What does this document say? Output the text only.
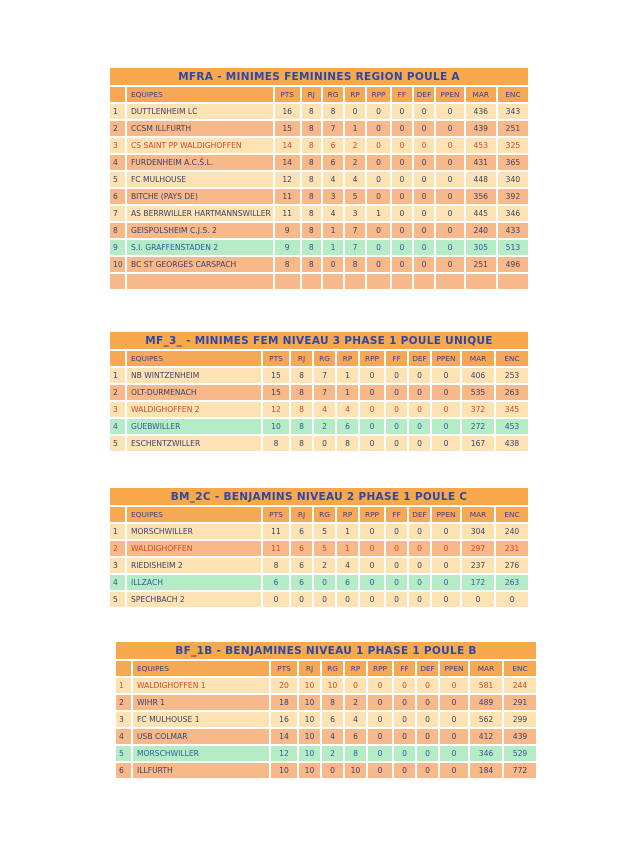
MFRA - MINIMES FEMININES REGION POULE A											
	EQUIPES	PTS	RJ	RG	RP	RPP	FF	DEF	PPEN	MAR	ENC
1	DUTTLENHEIM LC	16	8	8	0	0	0	0	0	436	343
2	CCSM ILLFURTH	15	8	7	1	0	0	0	0	439	251
3	CS SAINT PP WALDIGHOFFEN	14	8	6	2	0	0	0	0	453	325
4	FURDENHEIM A.C.Š.L.	14	8	6	2	0	0	0	0	431	365
5	FC MULHOUSE	12	8	4	4	0	0	0	0	448	340
6	BITCHE (PAYS DE)	11	8	3	5	0	0	0	0	356	392
7	AS BERRWILLER HARTMANNSWILLER	11	8	4	3	1	0	0	0	445	346
8	GEISPOLSHEIM C.J.S. 2	9	8	1	7	0	0	0	0	240	433
9	S.I. GRAFFENSTADEN 2	9	8	1	7	0	0	0	0	305	513
10	BC ST GEORGES CARSPACH	8	8	0	8	0	0	0	0	251	496

MF_3_ - MINIMES FEM NIVEAU 3 PHASE 1 POULE UNIQUE											
	EQUIPES	PTS	RJ	RG	RP	RPP	FF	DEF	PPEN	MAR	ENC
1	NB WINTZENHEIM	15	8	7	1	0	0	0	0	406	253
2	OLT-DURMENACH	15	8	7	1	0	0	0	0	535	263
3	WALDIGHOFFEN 2	12	8	4	4	0	0	0	0	372	345
4	GUEBWILLER	10	8	2	6	0	0	0	0	272	453
5	ESCHENTZWILLER	8	8	0	8	0	0	0	0	167	438
BM_2C - BENJAMINS NIVEAU 2 PHASE 1 POULE C											
	EQUIPES	PTS	RJ	RG	RP	RPP	FF	DEF	PPEN	MAR	ENC
1	MORSCHWILLER	11	6	5	1	0	0	0	0	304	240
2	WALDIGHOFFEN	11	6	5	1	0	0	0	0	297	231
3	RIEDISHEIM 2	8	6	2	4	0	0	0	0	237	276
4	ILLZACH	6	6	0	6	0	0	0	0	172	263
5	SPECHBACH 2	0	0	0	0	0	0	0	0	0	0
BF_1B - BENJAMINES NIVEAU 1 PHASE 1 POULE B											
	EQUIPES	PTS	RJ	RG	RP	RPP	FF	DEF	PPEN	MAR	ENC
1	WALDIGHOFFEN 1	20	10	10	0	0	0	0	0	581	244
2	WIHR 1	18	10	8	2	0	0	0	0	489	291
3	FC MULHOUSE 1	16	10	6	4	0	0	0	0	562	299
4	USB COLMAR	14	10	4	6	0	0	0	0	412	439
5	MORSCHWILLER	12	10	2	8	0	0	0	0	346	529
6	ILLFURTH	10	10	0	10	0	0	0	0	184	772
